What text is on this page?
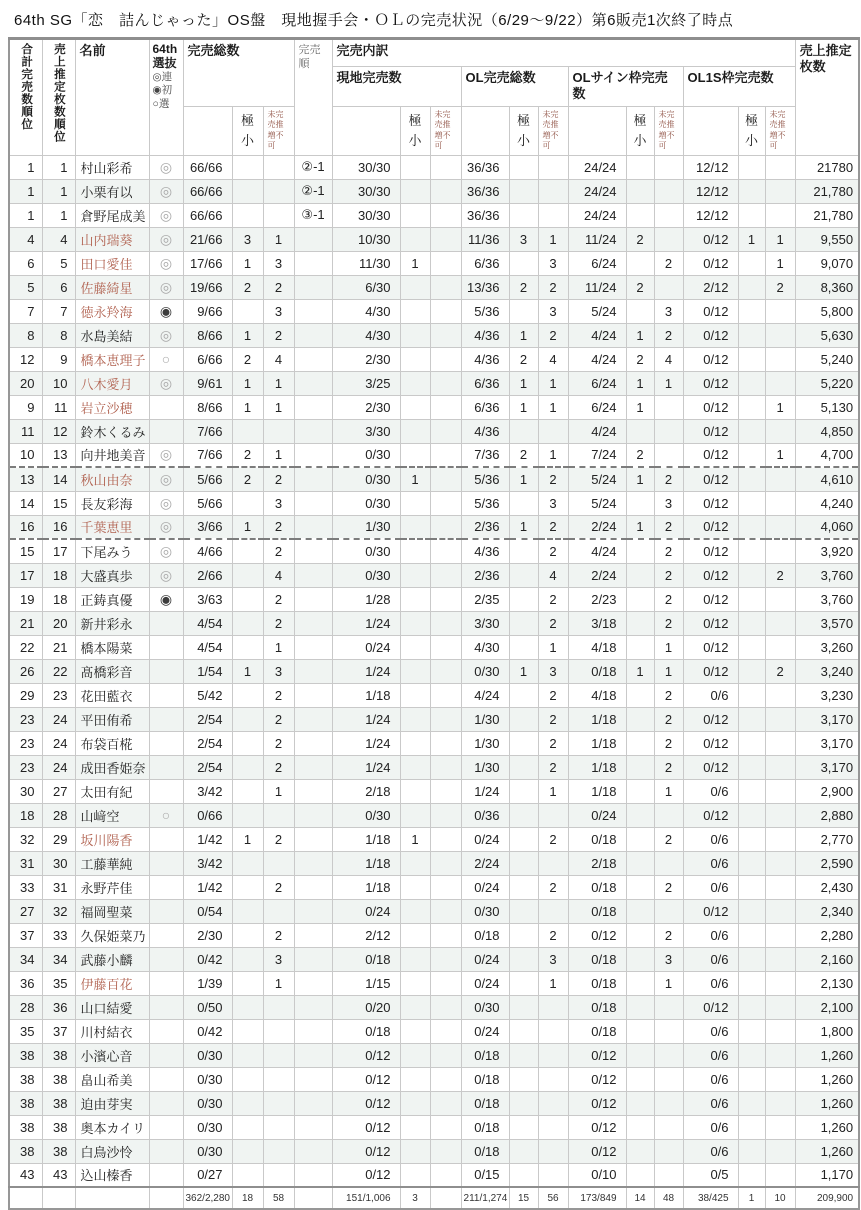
64th SG「恋　詰んじゃった」OS盤　現地握手会・ＯＬの完売状況（6/29～9/22）第6販売1次終了時点
合計完売数順位	売上推定枚数順位	名前	64th選抜
◎連
◉初
○選	完売総数			完売順	完売内訳												売上推定枚数
								現地完売数			OL完売総数			OLサイン枠完売数			OL1S枠完売数			

					極小	未完売推増不可			極小	未完売推増不可		極小	未完売推増不可		極小	未完売推増不可		極小	未完売推増不可	

1	1	村山彩希	◎	66/66			②-1	30/30			36/36			24/24			12/12			21780
1	1	小栗有以	◎	66/66			②-1	30/30			36/36			24/24			12/12			21,780
1	1	倉野尾成美	◎	66/66			③-1	30/30			36/36			24/24			12/12			21,780
4	4	山内瑞葵	◎	21/66	3	1		10/30			11/36	3	1	11/24	2		0/12	1	1	9,550
6	5	田口愛佳	◎	17/66	1	3		11/30	1		6/36		3	6/24		2	0/12		1	9,070
5	6	佐藤綺星	◎	19/66	2	2		6/30			13/36	2	2	11/24	2		2/12		2	8,360
7	7	徳永羚海	◉	9/66		3		4/30			5/36		3	5/24		3	0/12			5,800
8	8	水島美結	◎	8/66	1	2		4/30			4/36	1	2	4/24	1	2	0/12			5,630
12	9	橋本恵理子	○	6/66	2	4		2/30			4/36	2	4	4/24	2	4	0/12			5,240
20	10	八木愛月	◎	9/61	1	1		3/25			6/36	1	1	6/24	1	1	0/12			5,220
9	11	岩立沙穂		8/66	1	1		2/30			6/36	1	1	6/24	1		0/12		1	5,130
11	12	鈴木くるみ		7/66				3/30			4/36			4/24			0/12			4,850
10	13	向井地美音	◎	7/66	2	1		0/30			7/36	2	1	7/24	2		0/12		1	4,700
13	14	秋山由奈	◎	5/66	2	2		0/30	1		5/36	1	2	5/24	1	2	0/12			4,610
14	15	長友彩海	◎	5/66		3		0/30			5/36		3	5/24		3	0/12			4,240
16	16	千葉恵里	◎	3/66	1	2		1/30			2/36	1	2	2/24	1	2	0/12			4,060
15	17	下尾みう	◎	4/66		2		0/30			4/36		2	4/24		2	0/12			3,920
17	18	大盛真歩	◎	2/66		4		0/30			2/36		4	2/24		2	0/12		2	3,760
19	18	正鋳真優	◉	3/63		2		1/28			2/35		2	2/23		2	0/12			3,760
21	20	新井彩永		4/54		2		1/24			3/30		2	3/18		2	0/12			3,570
22	21	橋本陽菜		4/54		1		0/24			4/30		1	4/18		1	0/12			3,260
26	22	髙橋彩音		1/54	1	3		1/24			0/30	1	3	0/18	1	1	0/12		2	3,240
29	23	花田藍衣		5/42		2		1/18			4/24		2	4/18		2	0/6			3,230
23	24	平田侑希		2/54		2		1/24			1/30		2	1/18		2	0/12			3,170
23	24	布袋百椛		2/54		2		1/24			1/30		2	1/18		2	0/12			3,170
23	24	成田香姫奈		2/54		2		1/24			1/30		2	1/18		2	0/12			3,170
30	27	太田有紀		3/42		1		2/18			1/24		1	1/18		1	0/6			2,900
18	28	山﨑空	○	0/66				0/30			0/36			0/24			0/12			2,880
32	29	坂川陽香		1/42	1	2		1/18	1		0/24		2	0/18		2	0/6			2,770
31	30	工藤華純		3/42				1/18			2/24			2/18			0/6			2,590
33	31	永野芹佳		1/42		2		1/18			0/24		2	0/18		2	0/6			2,430
27	32	福岡聖菜		0/54				0/24			0/30			0/18			0/12			2,340
37	33	久保姫菜乃		2/30		2		2/12			0/18		2	0/12		2	0/6			2,280
34	34	武藤小麟		0/42		3		0/18			0/24		3	0/18		3	0/6			2,160
36	35	伊藤百花		1/39		1		1/15			0/24		1	0/18		1	0/6			2,130
28	36	山口結愛		0/50				0/20			0/30			0/18			0/12			2,100
35	37	川村結衣		0/42				0/18			0/24			0/18			0/6			1,800
38	38	小濱心音		0/30				0/12			0/18			0/12			0/6			1,260
38	38	畠山希美		0/30				0/12			0/18			0/12			0/6			1,260
38	38	迫由芽実		0/30				0/12			0/18			0/12			0/6			1,260
38	38	奥本カイリ		0/30				0/12			0/18			0/12			0/6			1,260
38	38	白鳥沙怜		0/30				0/12			0/18			0/12			0/6			1,260
43	43	込山榛香		0/27				0/12			0/15			0/10			0/5			1,170
				362/2,280	18	58		151/1,006	3		211/1,274	15	56	173/849	14	48	38/425	1	10	209,900
